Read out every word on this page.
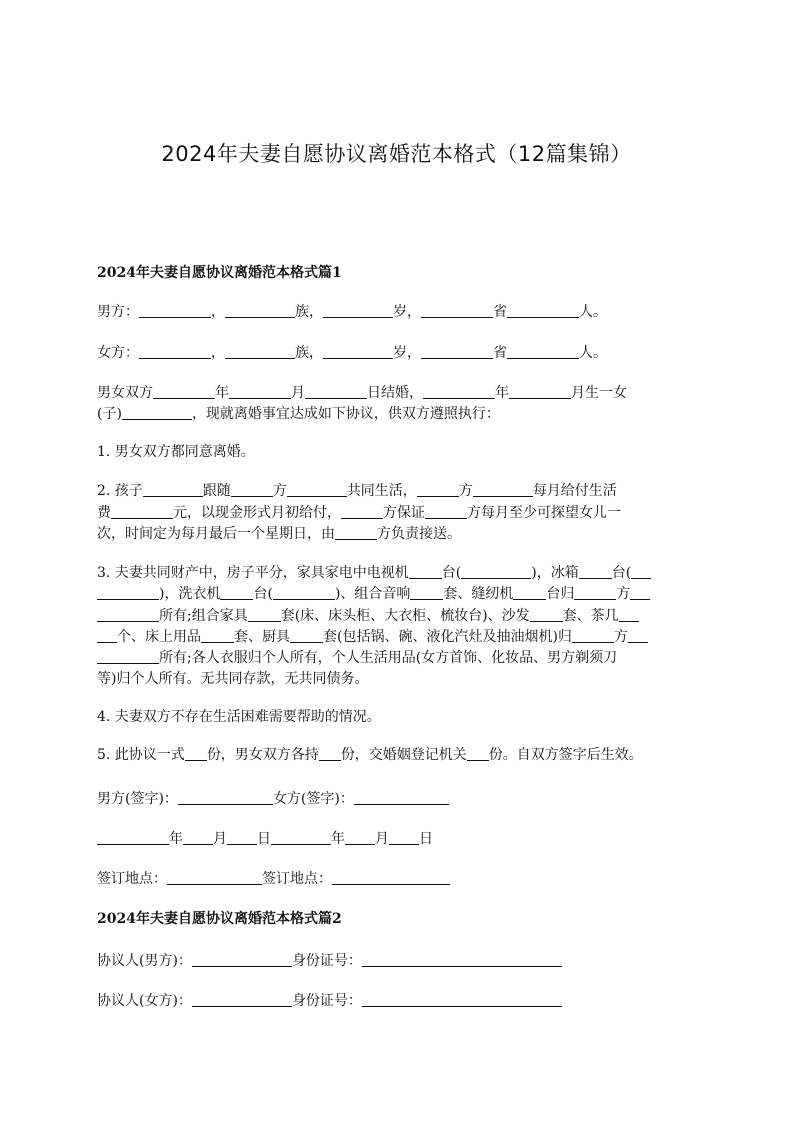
2024年夫妻自愿协议离婚范本格式（12篇集锦）
2024年夫妻自愿协议离婚范本格式篇1
男方：	，	族，	岁，	省	人。
女方：	，	族，	岁，	省	人。
男女双方	年	月	日结婚，	年	月生一女
(子)	，现就离婚事宜达成如下协议，供双方遵照执行：
1. 男女双方都同意离婚。
2. 孩子	跟随	方	共同生活，	方	每月给付生活
费	元，以现金形式月初给付，	方保证	方每月至少可探望女儿一
次，时间定为每月最后一个星期日，由	方负责接送。
3. 夫妻共同财产中，房子平分，家具家电中电视机 台(	)，冰箱 台(
)，洗衣机 台(	)、组合音响 套、缝纫机 台归	方
所有;组合家具 套(床、床头柜、大衣柜、梳妆台)、沙发 套、茶几
个、床上用品 套、厨具 套(包括锅、碗、液化汽灶及抽油烟机)归	方
所有;各人衣服归个人所有，个人生活用品(女方首饰、化妆品、男方剃须刀
等)归个人所有。无共同存款，无共同债务。
4. 夫妻双方不存在生活困难需要帮助的情况。
5. 此协议一式 份，男女双方各持 份，交婚姻登记机关 份。自双方签字后生效。
男方(签字)：	女方(签字)：
年 月 日	年 月 日
签订地点：	签订地点：
2024年夫妻自愿协议离婚范本格式篇2
协议人(男方)：	身份证号：
协议人(女方)：	身份证号：
